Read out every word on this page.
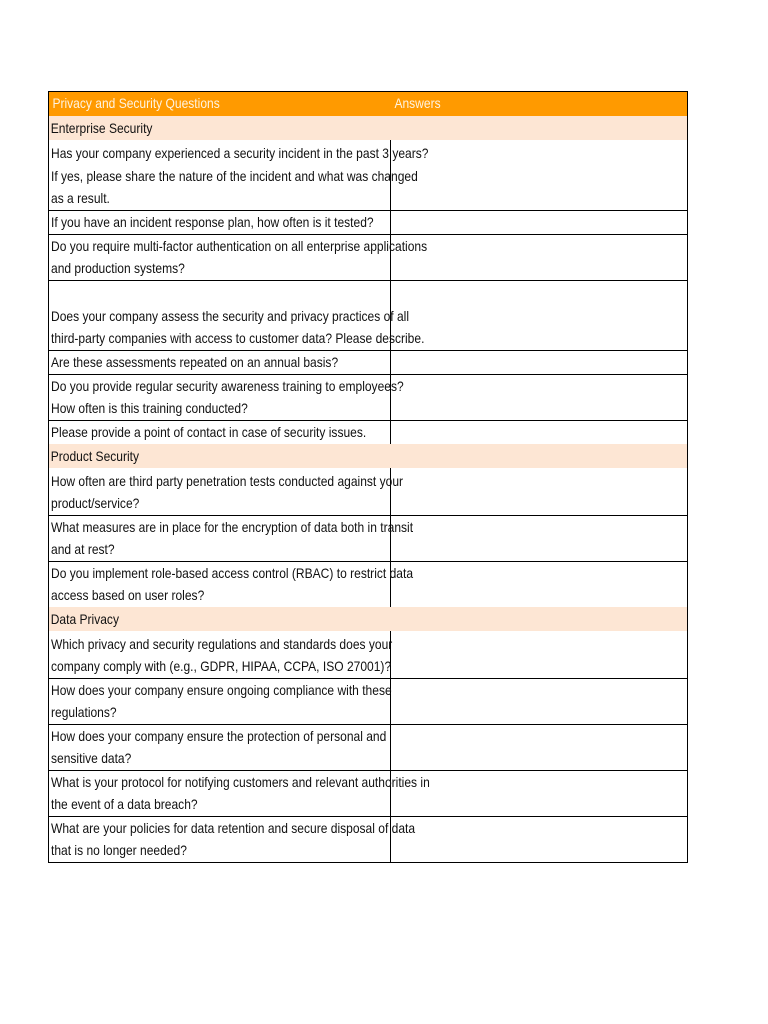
Privacy and Security Questions	Answers
Enterprise Security
Has your company experienced a security incident in the past 3 years?
If yes, please share the nature of the incident and what was changed
as a result.
If you have an incident response plan, how often is it tested?
Do you require multi-factor authentication on all enterprise applications
and production systems?
Does your company assess the security and privacy practices of all
third-party companies with access to customer data? Please describe.
Are these assessments repeated on an annual basis?
Do you provide regular security awareness training to employees?
How often is this training conducted?
Please provide a point of contact in case of security issues.
Product Security
How often are third party penetration tests conducted against your
product/service?
What measures are in place for the encryption of data both in transit
and at rest?
Do you implement role-based access control (RBAC) to restrict data
access based on user roles?
Data Privacy
Which privacy and security regulations and standards does your
company comply with (e.g., GDPR, HIPAA, CCPA, ISO 27001)?
How does your company ensure ongoing compliance with these
regulations?
How does your company ensure the protection of personal and
sensitive data?
What is your protocol for notifying customers and relevant authorities in
the event of a data breach?
What are your policies for data retention and secure disposal of data
that is no longer needed?
